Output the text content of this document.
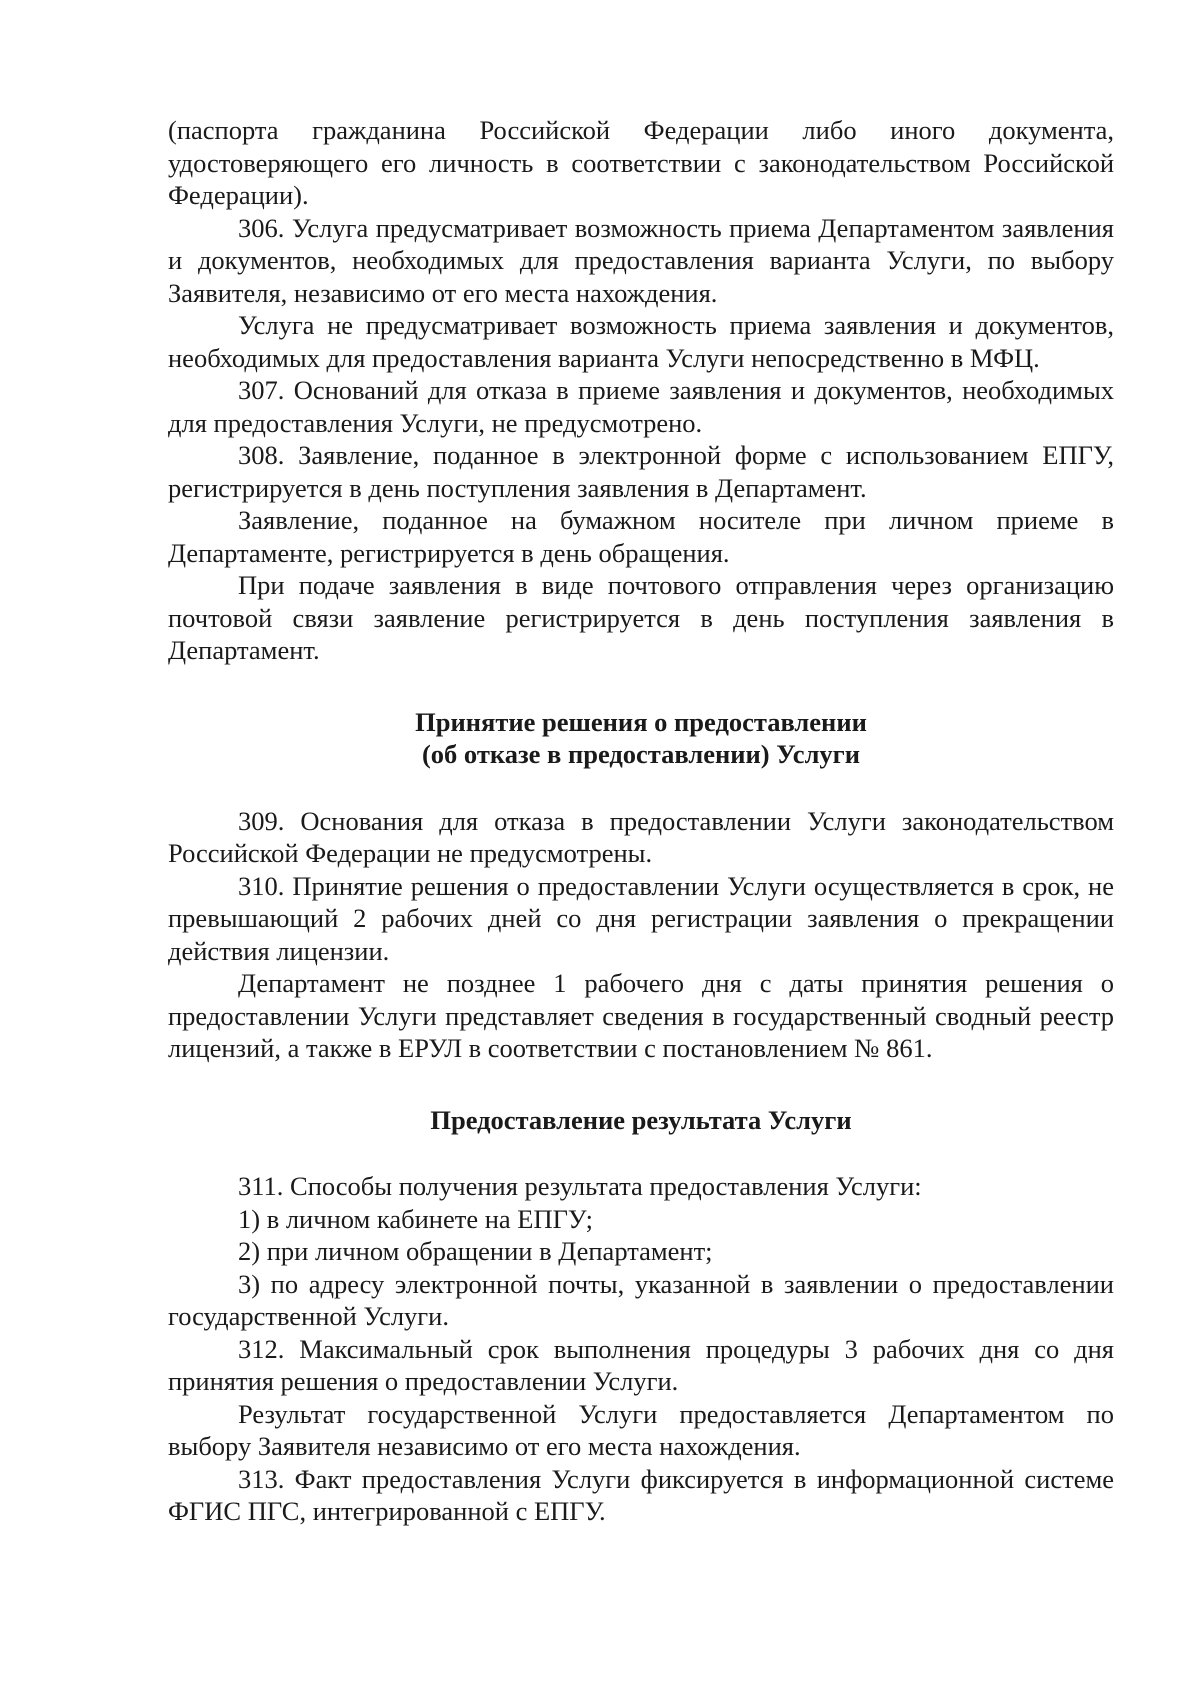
(паспорта гражданина Российской Федерации либо иного документа, удостоверяющего его личность в соответствии с законодательством Российской Федерации).

306. Услуга предусматривает возможность приема Департаментом заявления и документов, необходимых для предоставления варианта Услуги, по выбору Заявителя, независимо от его места нахождения.

Услуга не предусматривает возможность приема заявления и документов, необходимых для предоставления варианта Услуги непосредственно в МФЦ.

307. Оснований для отказа в приеме заявления и документов, необходимых для предоставления Услуги, не предусмотрено.

308. Заявление, поданное в электронной форме с использованием ЕПГУ, регистрируется в день поступления заявления в Департамент.

Заявление, поданное на бумажном носителе при личном приеме в Департаменте, регистрируется в день обращения.

При подаче заявления в виде почтового отправления через организацию почтовой связи заявление регистрируется в день поступления заявления в Департамент.

Принятие решения о предоставлении

(об отказе в предоставлении) Услуги

309. Основания для отказа в предоставлении Услуги законодательством Российской Федерации не предусмотрены.

310. Принятие решения о предоставлении Услуги осуществляется в срок, не превышающий 2 рабочих дней со дня регистрации заявления о прекращении действия лицензии.

Департамент не позднее 1 рабочего дня с даты принятия решения о предоставлении Услуги представляет сведения в государственный сводный реестр лицензий, а также в ЕРУЛ в соответствии с постановлением № 861.

Предоставление результата Услуги

311. Способы получения результата предоставления Услуги:

1) в личном кабинете на ЕПГУ;

2) при личном обращении в Департамент;

3) по адресу электронной почты, указанной в заявлении о предоставлении государственной Услуги.

312. Максимальный срок выполнения процедуры 3 рабочих дня со дня принятия решения о предоставлении Услуги.

Результат государственной Услуги предоставляется Департаментом по выбору Заявителя независимо от его места нахождения.

313. Факт предоставления Услуги фиксируется в информационной системе ФГИС ПГС, интегрированной с ЕПГУ.
